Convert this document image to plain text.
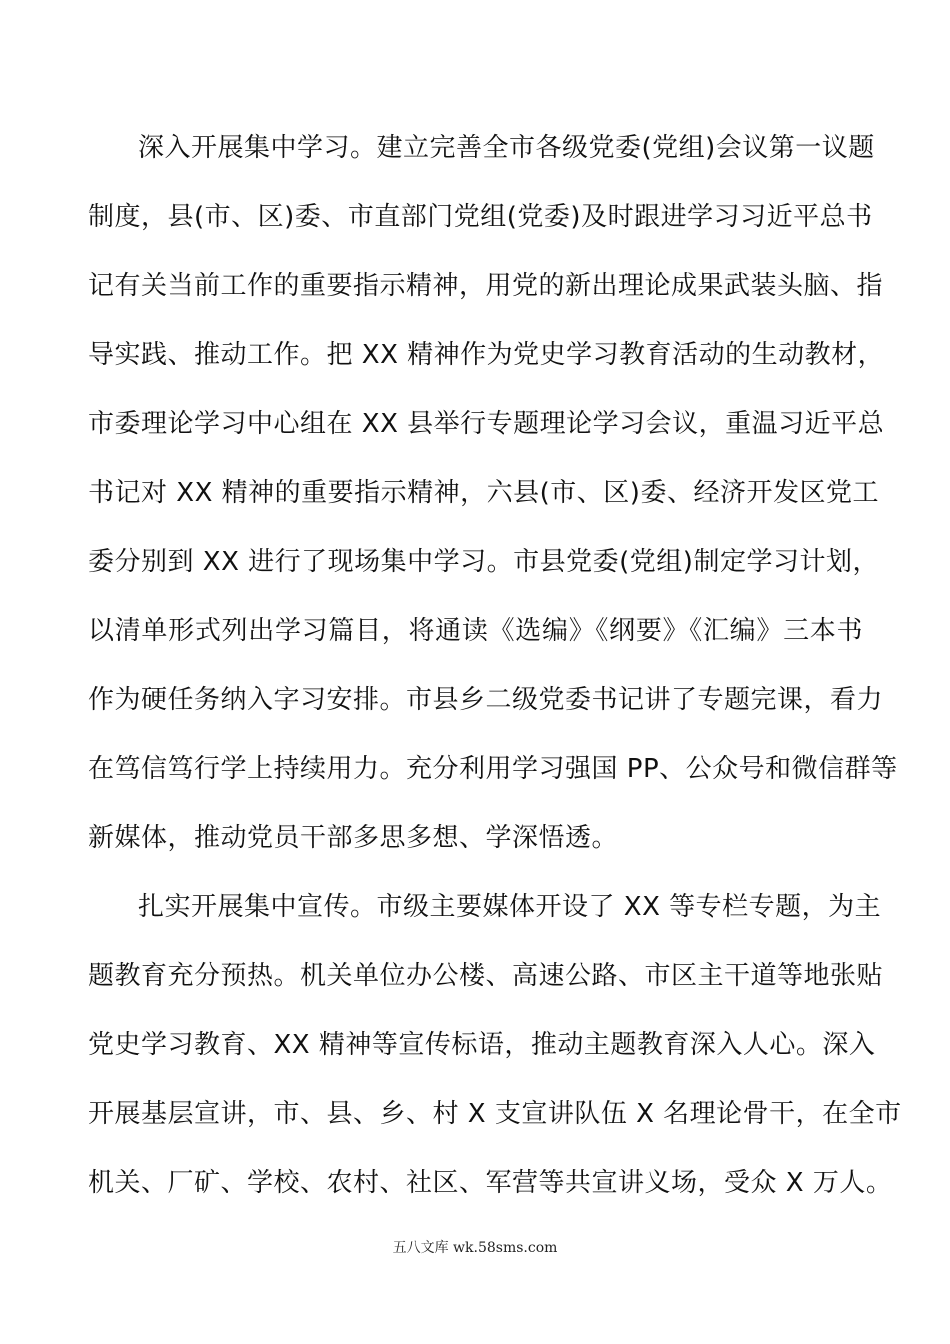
深入开展集中学习。建立完善全市各级党委(党组)会议第一议题

制度，县(市、区)委、市直部门党组(党委)及时跟进学习习近平总书

记有关当前工作的重要指示精神，用党的新出理论成果武装头脑、指

导实践、推动工作。把 XX 精神作为党史学习教育活动的生动教材，

市委理论学习中心组在 XX 县举行专题理论学习会议，重温习近平总

书记对 XX 精神的重要指示精神，六县(市、区)委、经济开发区党工

委分别到 XX 进行了现场集中学习。市县党委(党组)制定学习计划，

以清单形式列出学习篇目，将通读《选编》《纲要》《汇编》三本书

作为硬任务纳入字习安排。市县乡二级党委书记讲了专题完课，看力

在笃信笃行学上持续用力。充分利用学习强国 PP、公众号和微信群等

新媒体，推动党员干部多思多想、学深悟透。

扎实开展集中宣传。市级主要媒体开设了 XX 等专栏专题，为主

题教育充分预热。机关单位办公楼、高速公路、市区主干道等地张贴

党史学习教育、XX 精神等宣传标语，推动主题教育深入人心。深入

开展基层宣讲，市、县、乡、村 X 支宣讲队伍 X 名理论骨干，在全市

机关、厂矿、学校、农村、社区、军营等共宣讲义场，受众 X 万人。

五八文库 wk.58sms.com
